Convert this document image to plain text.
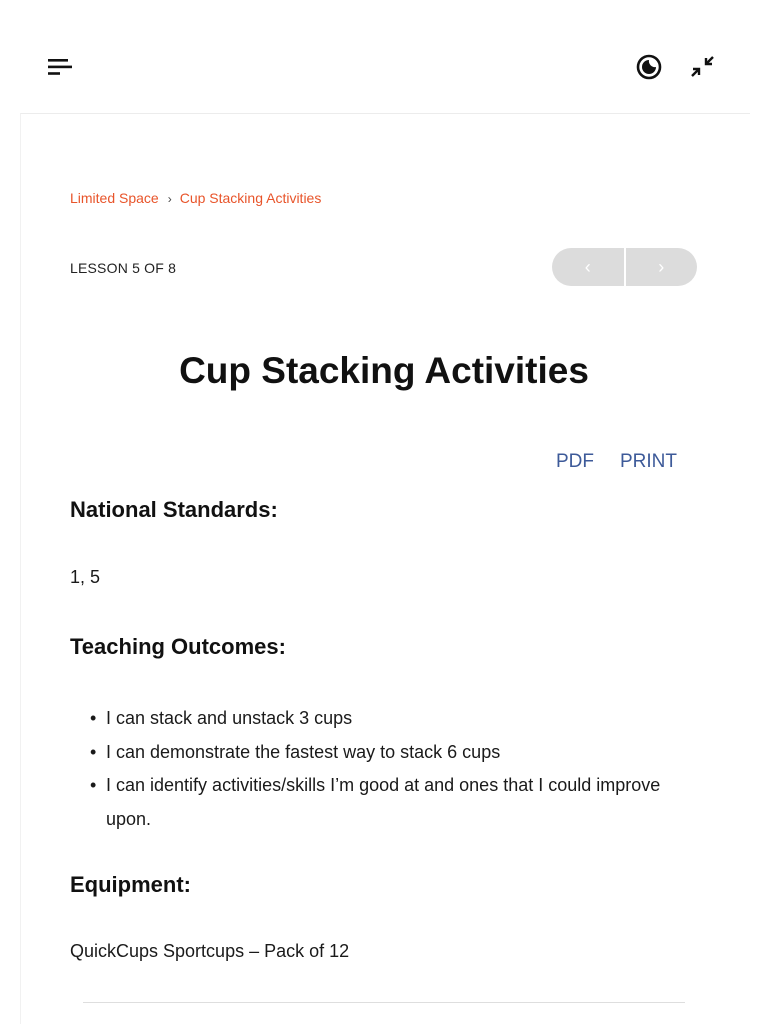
Limited Space › Cup Stacking Activities
LESSON 5 OF 8	‹	›
Cup Stacking Activities
PDF PRINT
National Standards:
1, 5
Teaching Outcomes:
• I can stack and unstack 3 cups
• I can demonstrate the fastest way to stack 6 cups
• I can identify activities/skills I’m good at and ones that I could improve upon.
Equipment:
QuickCups Sportcups – Pack of 12
